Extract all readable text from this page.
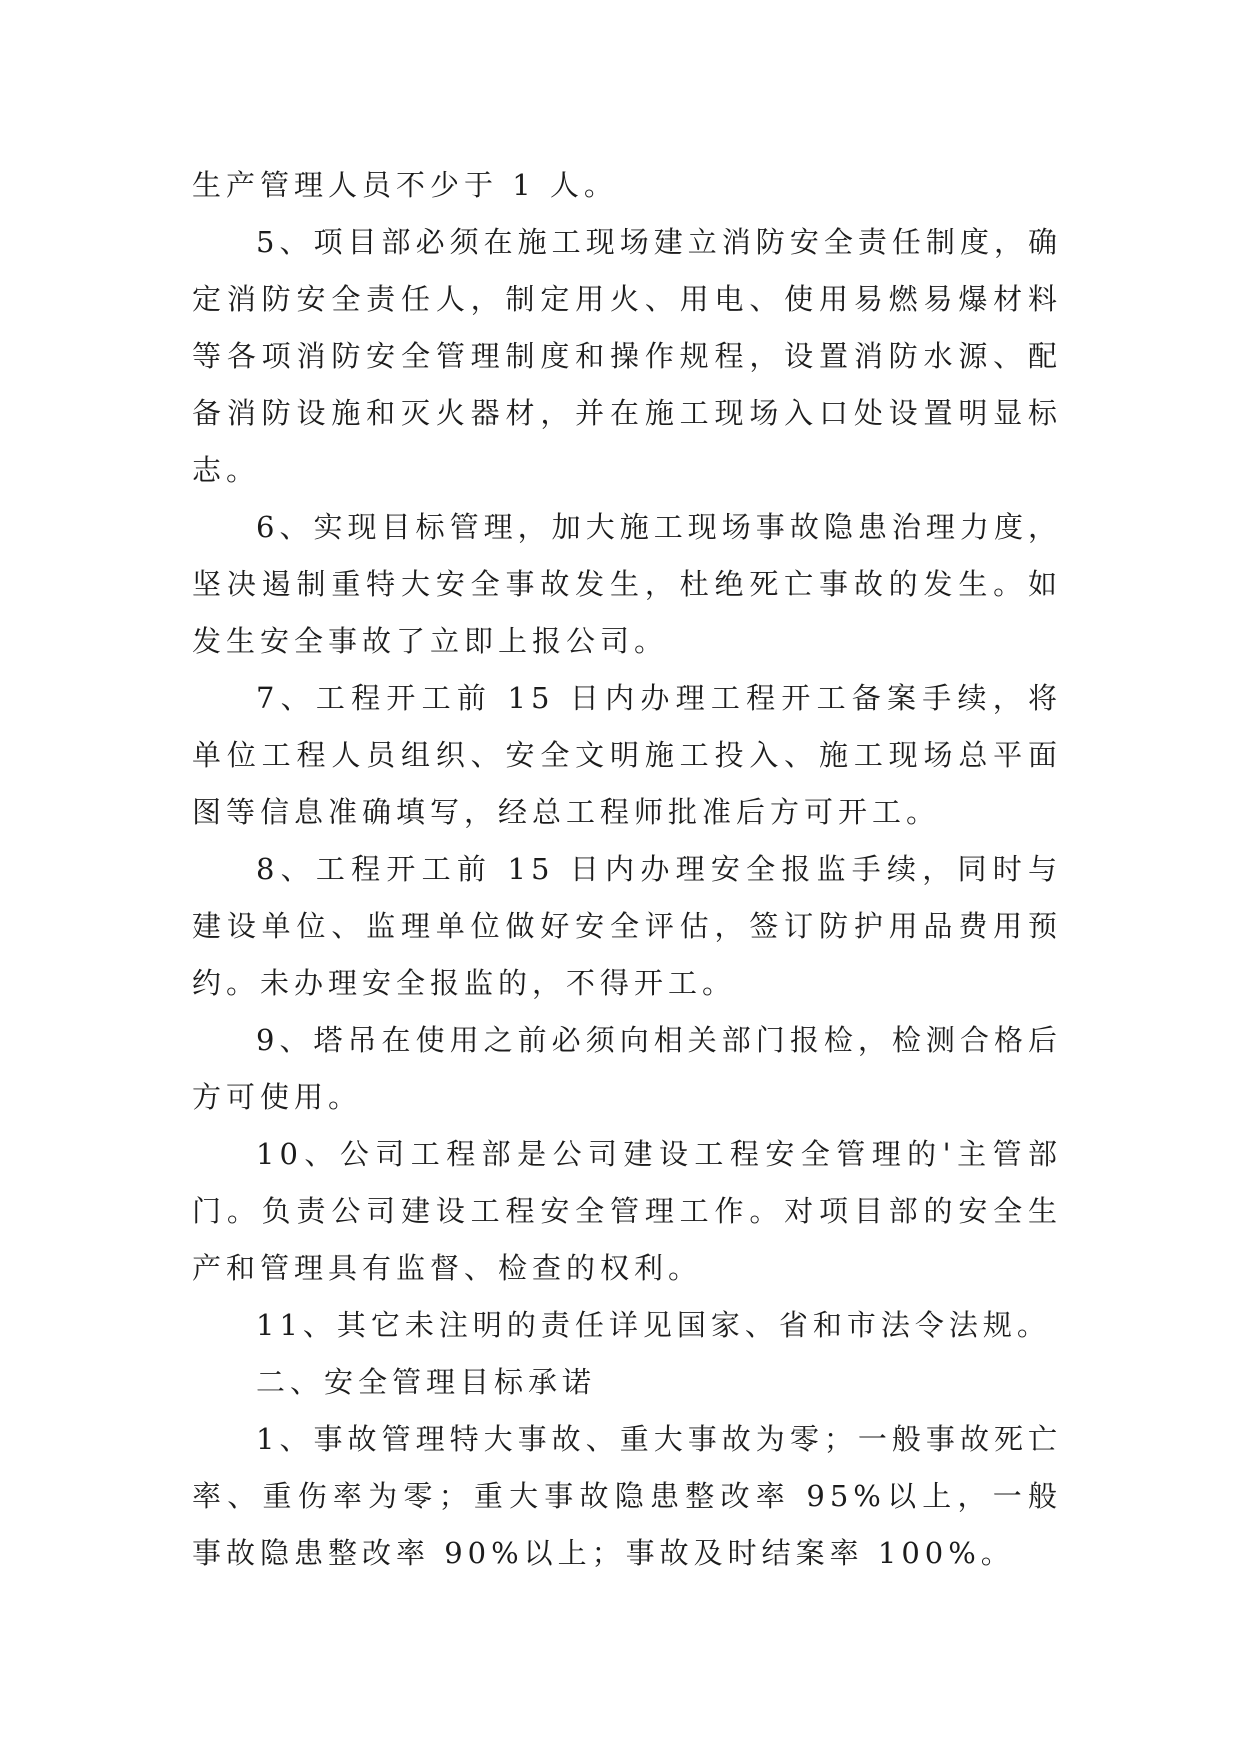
生产管理人员不少于 1 人。

5、项目部必须在施工现场建立消防安全责任制度，确定消防安全责任人，制定用火、用电、使用易燃易爆材料等各项消防安全管理制度和操作规程，设置消防水源、配备消防设施和灭火器材，并在施工现场入口处设置明显标志。

6、实现目标管理，加大施工现场事故隐患治理力度，坚决遏制重特大安全事故发生，杜绝死亡事故的发生。如发生安全事故了立即上报公司。

7、工程开工前 15 日内办理工程开工备案手续，将单位工程人员组织、安全文明施工投入、施工现场总平面图等信息准确填写，经总工程师批准后方可开工。

8、工程开工前 15 日内办理安全报监手续，同时与建设单位、监理单位做好安全评估，签订防护用品费用预约。未办理安全报监的，不得开工。

9、塔吊在使用之前必须向相关部门报检，检测合格后方可使用。

10、公司工程部是公司建设工程安全管理的'主管部门。负责公司建设工程安全管理工作。对项目部的安全生产和管理具有监督、检查的权利。

11、其它未注明的责任详见国家、省和市法令法规。

二、安全管理目标承诺

1、事故管理特大事故、重大事故为零；一般事故死亡率、重伤率为零；重大事故隐患整改率 95%以上，一般事故隐患整改率 90%以上；事故及时结案率 100%。
